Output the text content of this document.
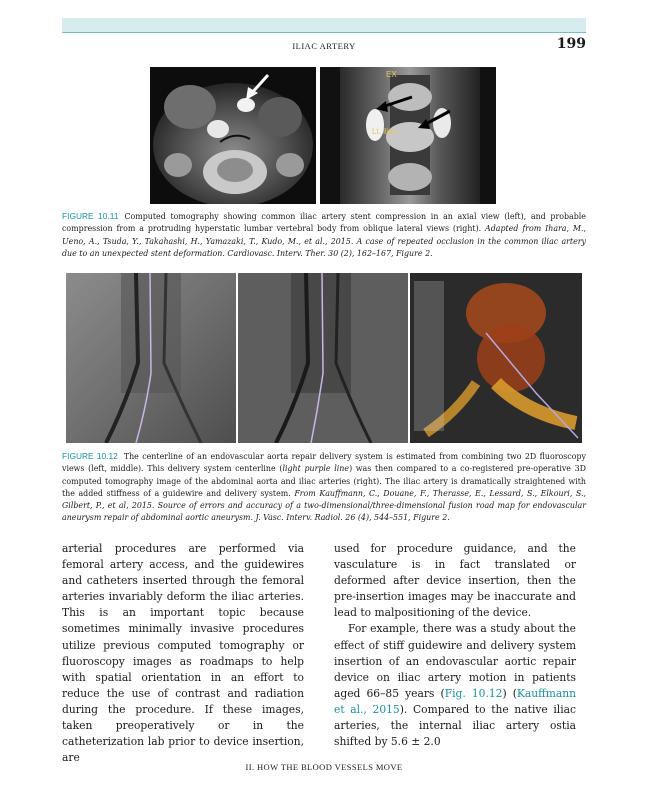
ILIAC ARTERY	199
EX
Lt. iliac

FIGURE 10.11 Computed tomography showing common iliac artery stent compression in an axial view (left), and probable compression from a protruding hyperstatic lumbar vertebral body from oblique lateral views (right). Adapted from Ihara, M., Ueno, A., Tsuda, Y., Takahashi, H., Yamazaki, T., Kudo, M., et al., 2015. A case of repeated occlusion in the common iliac artery due to an unexpected stent deformation. Cardiovasc. Interv. Ther. 30 (2), 162–167, Figure 2.

FIGURE 10.12 The centerline of an endovascular aorta repair delivery system is estimated from combining two 2D fluoroscopy views (left, middle). This delivery system centerline (light purple line) was then compared to a co-registered pre-operative 3D computed tomography image of the abdominal aorta and iliac arteries (right). The iliac artery is dramatically straightened with the added stiffness of a guidewire and delivery system. From Kauffmann, C., Douane, F., Therasse, E., Lessard, S., Elkouri, S., Gilbert, P., et al, 2015. Source of errors and accuracy of a two-dimensional/three-dimensional fusion road map for endovascular aneurysm repair of abdominal aortic aneurysm. J. Vasc. Interv. Radiol. 26 (4), 544–551, Figure 2.

arterial procedures are performed via femoral artery access, and the guidewires and catheters inserted through the femoral arteries invariably deform the iliac arteries. This is an important topic because sometimes minimally invasive procedures utilize previous computed tomography or fluoroscopy images as roadmaps to help with spatial orientation in an effort to reduce the use of contrast and radiation during the procedure. If these images, taken preoperatively or in the catheterization lab prior to device insertion, are

used for procedure guidance, and the vasculature is in fact translated or deformed after device insertion, then the pre-insertion images may be inaccurate and lead to malpositioning of the device.

For example, there was a study about the effect of stiff guidewire and delivery system insertion of an endovascular aortic repair device on iliac artery motion in patients aged 66–85 years (Fig. 10.12) (Kauffmann et al., 2015). Compared to the native iliac arteries, the internal iliac artery ostia shifted by 5.6 ± 2.0

II. HOW THE BLOOD VESSELS MOVE
